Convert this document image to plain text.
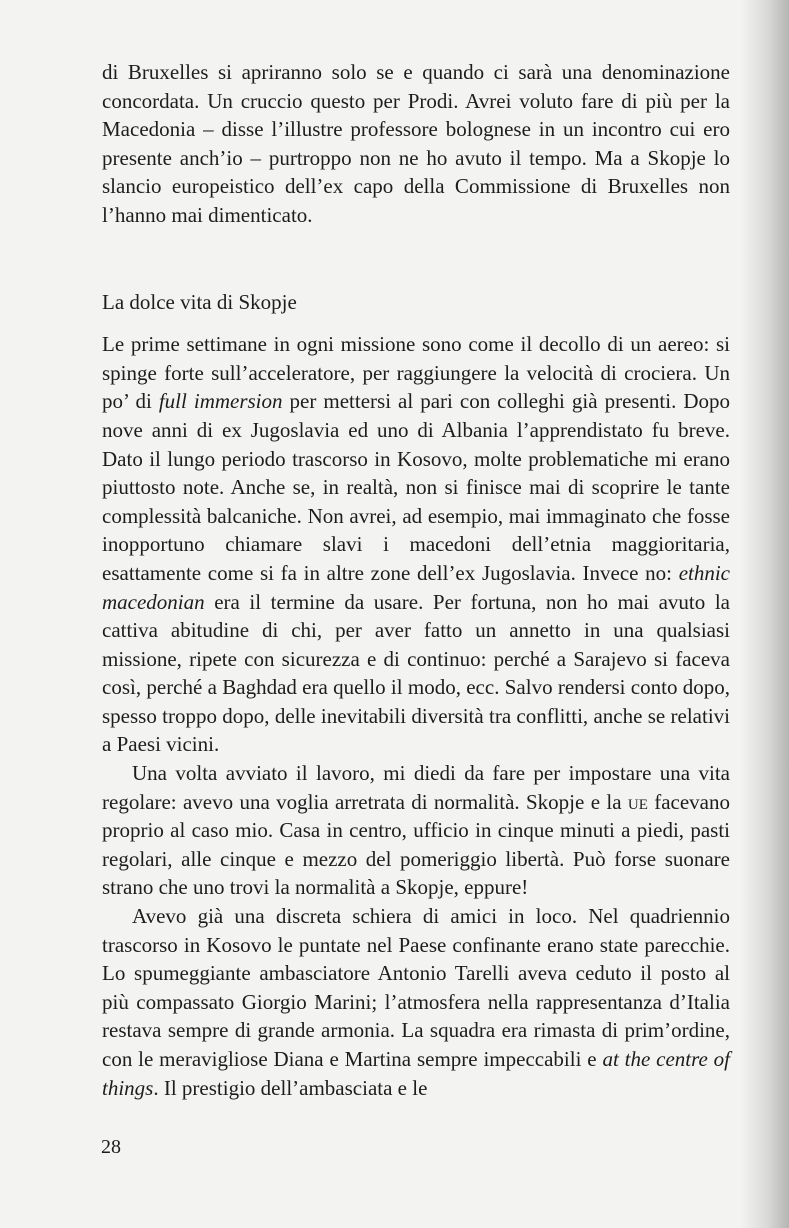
di Bruxelles si apriranno solo se e quando ci sarà una denominazione concordata. Un cruccio questo per Prodi. Avrei voluto fare di più per la Macedonia – disse l’illustre professore bolognese in un incontro cui ero presente anch’io – purtroppo non ne ho avuto il tempo. Ma a Skopje lo slancio europeistico dell’ex capo della Commissione di Bruxelles non l’hanno mai dimenticato.

La dolce vita di Skopje

Le prime settimane in ogni missione sono come il decollo di un aereo: si spinge forte sull’acceleratore, per raggiungere la velocità di crociera. Un po’ di full immersion per mettersi al pari con colleghi già presenti. Dopo nove anni di ex Jugoslavia ed uno di Albania l’apprendistato fu breve. Dato il lungo periodo trascorso in Kosovo, molte problematiche mi erano piuttosto note. Anche se, in realtà, non si finisce mai di scoprire le tante complessità balcaniche. Non avrei, ad esempio, mai immaginato che fosse inopportuno chiamare slavi i macedoni dell’etnia maggioritaria, esattamente come si fa in altre zone dell’ex Jugoslavia. Invece no: ethnic macedonian era il termine da usare. Per fortuna, non ho mai avuto la cattiva abitudine di chi, per aver fatto un annetto in una qualsiasi missione, ripete con sicurezza e di continuo: perché a Sarajevo si faceva così, perché a Baghdad era quello il modo, ecc. Salvo rendersi conto dopo, spesso troppo dopo, delle inevitabili diversità tra conflitti, anche se relativi a Paesi vicini.

Una volta avviato il lavoro, mi diedi da fare per impostare una vita regolare: avevo una voglia arretrata di normalità. Skopje e la ue facevano proprio al caso mio. Casa in centro, ufficio in cinque minuti a piedi, pasti regolari, alle cinque e mezzo del pomeriggio libertà. Può forse suonare strano che uno trovi la normalità a Skopje, eppure!

Avevo già una discreta schiera di amici in loco. Nel quadriennio trascorso in Kosovo le puntate nel Paese confinante erano state parecchie. Lo spumeggiante ambasciatore Antonio Tarelli aveva ceduto il posto al più compassato Giorgio Marini; l’atmosfera nella rappresentanza d’Italia restava sempre di grande armonia. La squadra era rimasta di prim’ordine, con le meravigliose Diana e Martina sempre impeccabili e at the centre of things. Il prestigio dell’ambasciata e le

28
